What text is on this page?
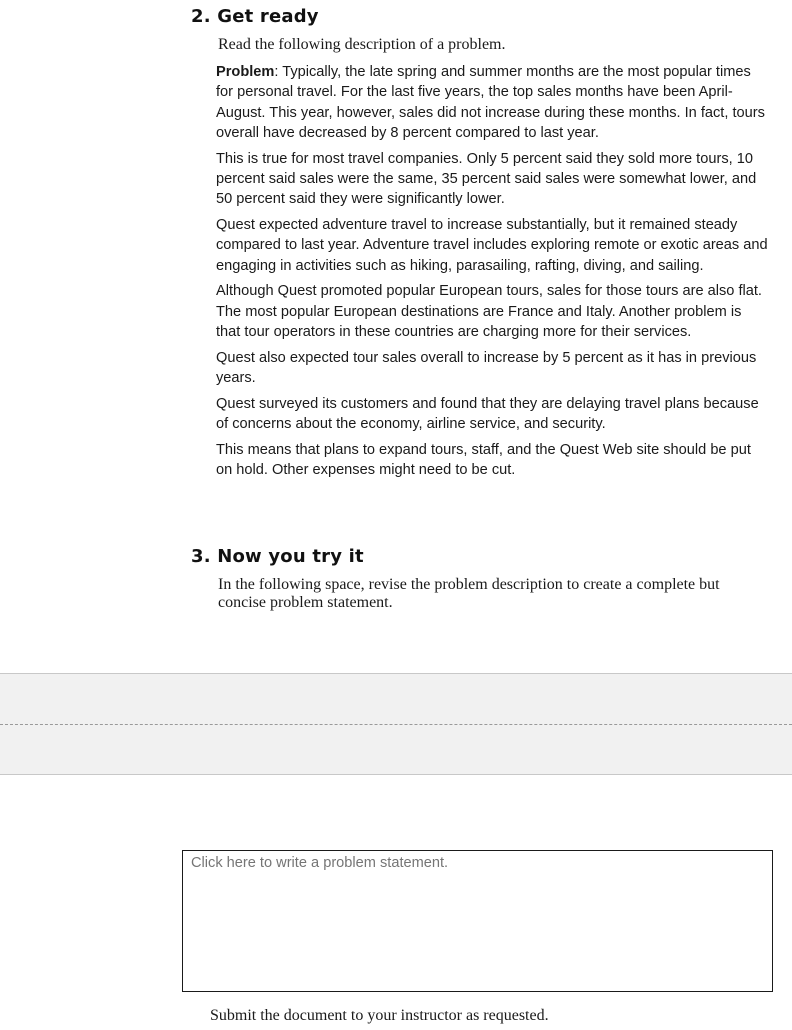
2. Get ready

Read the following description of a problem.

Problem: Typically, the late spring and summer months are the most popular times for personal travel. For the last five years, the top sales months have been April-August. This year, however, sales did not increase during these months. In fact, tours overall have decreased by 8 percent compared to last year.

This is true for most travel companies. Only 5 percent said they sold more tours, 10 percent said sales were the same, 35 percent said sales were somewhat lower, and 50 percent said they were significantly lower.

Quest expected adventure travel to increase substantially, but it remained steady compared to last year. Adventure travel includes exploring remote or exotic areas and engaging in activities such as hiking, parasailing, rafting, diving, and sailing.

Although Quest promoted popular European tours, sales for those tours are also flat. The most popular European destinations are France and Italy. Another problem is that tour operators in these countries are charging more for their services.

Quest also expected tour sales overall to increase by 5 percent as it has in previous years.

Quest surveyed its customers and found that they are delaying travel plans because of concerns about the economy, airline service, and security.

This means that plans to expand tours, staff, and the Quest Web site should be put on hold. Other expenses might need to be cut.

3. Now you try it

In the following space, revise the problem description to create a complete but concise problem statement.

Click here to write a problem statement.

Submit the document to your instructor as requested.
